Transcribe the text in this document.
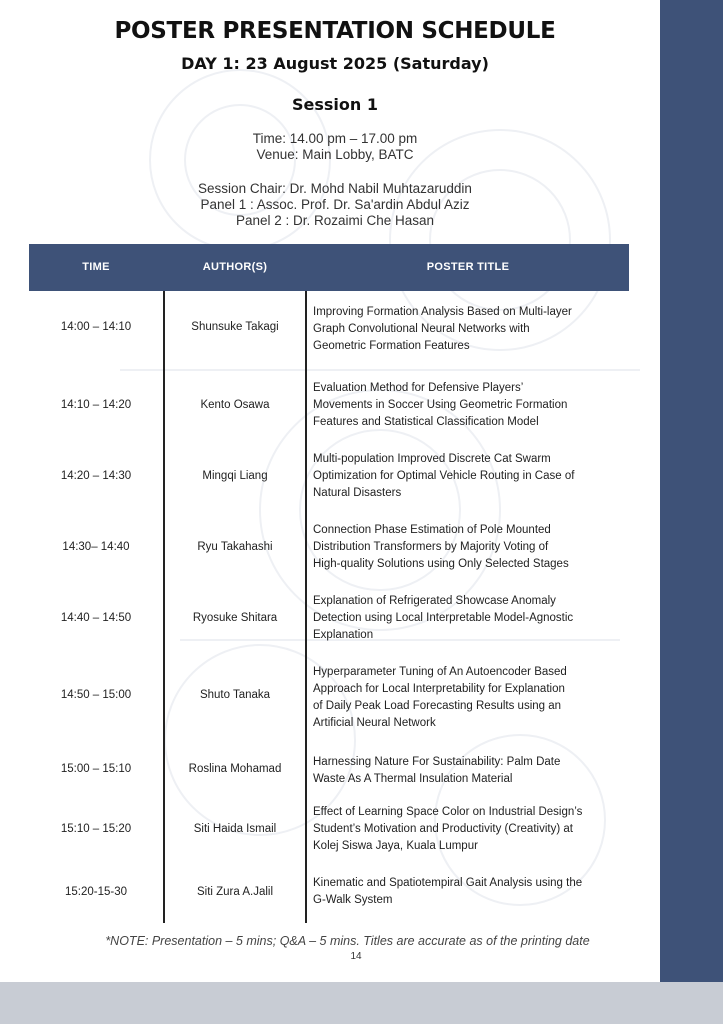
POSTER PRESENTATION SCHEDULE
DAY 1: 23 August 2025 (Saturday)
Session 1
Time: 14.00 pm – 17.00 pm
Venue: Main Lobby, BATC
Session Chair: Dr. Mohd Nabil Muhtazaruddin
Panel 1 : Assoc. Prof. Dr. Sa'ardin Abdul Aziz
Panel 2 : Dr. Rozaimi Che Hasan
TIME	AUTHOR(S)	POSTER TITLE
14:00 – 14:10	Shunsuke Takagi
Improving Formation Analysis Based on Multi-layer
Graph Convolutional Neural Networks with
Geometric Formation Features
14:10 – 14:20	Kento Osawa
Evaluation Method for Defensive Players’
Movements in Soccer Using Geometric Formation
Features and Statistical Classification Model
14:20 – 14:30	Mingqi Liang
Multi-population Improved Discrete Cat Swarm
Optimization for Optimal Vehicle Routing in Case of
Natural Disasters
14:30– 14:40	Ryu Takahashi
Connection Phase Estimation of Pole Mounted
Distribution Transformers by Majority Voting of
High-quality Solutions using Only Selected Stages
14:40 – 14:50	Ryosuke Shitara
Explanation of Refrigerated Showcase Anomaly
Detection using Local Interpretable Model-Agnostic
Explanation
14:50 – 15:00	Shuto Tanaka
Hyperparameter Tuning of An Autoencoder Based
Approach for Local Interpretability for Explanation
of Daily Peak Load Forecasting Results using an
Artificial Neural Network
15:00 – 15:10	Roslina Mohamad
Harnessing Nature For Sustainability: Palm Date
Waste As A Thermal Insulation Material
15:10 – 15:20	Siti Haida Ismail
Effect of Learning Space Color on Industrial Design’s
Student’s Motivation and Productivity (Creativity) at
Kolej Siswa Jaya, Kuala Lumpur
15:20-15-30	Siti Zura A.Jalil
Kinematic and Spatiotempiral Gait Analysis using the
G-Walk System
*NOTE: Presentation – 5 mins; Q&A – 5 mins. Titles are accurate as of the printing date
14
